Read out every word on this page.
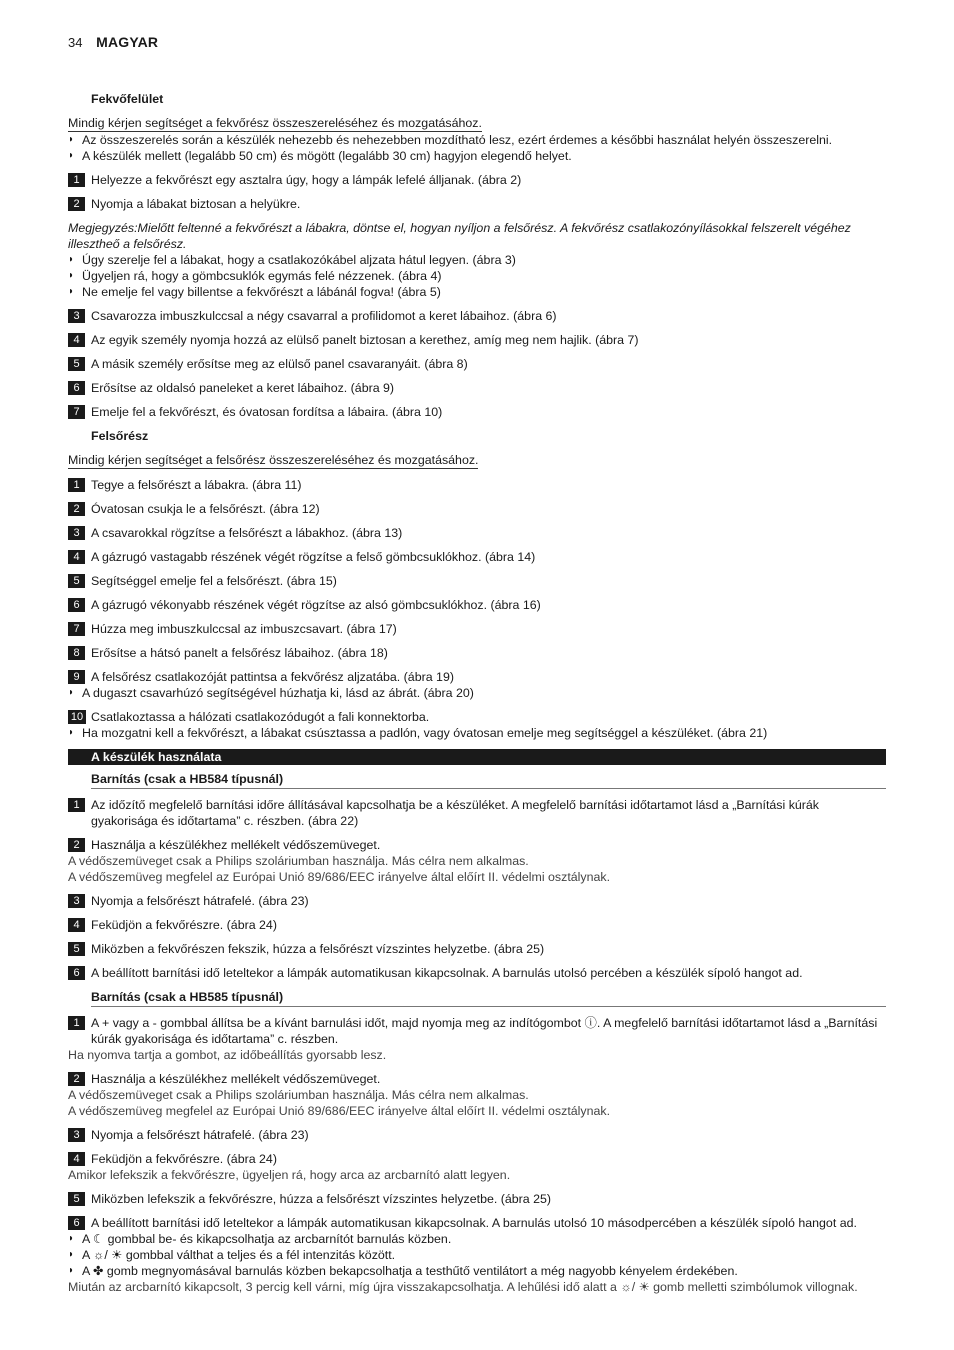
34 MAGYAR
Fekvőfelület
Mindig kérjen segítséget a fekvőrész összeszereléséhez és mozgatásához.
◗ Az összeszerelés során a készülék nehezebb és nehezebben mozdítható lesz, ezért érdemes a későbbi használat helyén összeszerelni.
◗ A készülék mellett (legalább 50 cm) és mögött (legalább 30 cm) hagyjon elegendő helyet.
1 Helyezze a fekvőrészt egy asztalra úgy, hogy a lámpák lefelé álljanak. (ábra 2)
2 Nyomja a lábakat biztosan a helyükre.
Megjegyzés:Mielőtt feltenné a fekvőrészt a lábakra, döntse el, hogyan nyíljon a felsőrész. A fekvőrész csatlakozónyílásokkal felszerelt végéhez illesztheő a felsőrész.
◗ Úgy szerelje fel a lábakat, hogy a csatlakozókábel aljzata hátul legyen. (ábra 3)
◗ Ügyeljen rá, hogy a gömbcsuklók egymás felé nézzenek. (ábra 4)
◗ Ne emelje fel vagy billentse a fekvőrészt a lábánál fogva! (ábra 5)
3 Csavarozza imbuszkulccsal a négy csavarral a profilidomot a keret lábaihoz. (ábra 6)
4 Az egyik személy nyomja hozzá az elülső panelt biztosan a kerethez, amíg meg nem hajlik. (ábra 7)
5 A másik személy erősítse meg az elülső panel csavaranyáit. (ábra 8)
6 Erősítse az oldalsó paneleket a keret lábaihoz. (ábra 9)
7 Emelje fel a fekvőrészt, és óvatosan fordítsa a lábaira. (ábra 10)
Felsőrész
Mindig kérjen segítséget a felsőrész összeszereléséhez és mozgatásához.
1 Tegye a felsőrészt a lábakra. (ábra 11)
2 Óvatosan csukja le a felsőrészt. (ábra 12)
3 A csavarokkal rögzítse a felsőrészt a lábakhoz. (ábra 13)
4 A gázrugó vastagabb részének végét rögzítse a felső gömbcsuklókhoz. (ábra 14)
5 Segítséggel emelje fel a felsőrészt. (ábra 15)
6 A gázrugó vékonyabb részének végét rögzítse az alsó gömbcsuklókhoz. (ábra 16)
7 Húzza meg imbuszkulccsal az imbuszcsavart. (ábra 17)
8 Erősítse a hátsó panelt a felsőrész lábaihoz. (ábra 18)
9 A felsőrész csatlakozóját pattintsa a fekvőrész aljzatába. (ábra 19)
◗ A dugaszt csavarhúzó segítségével húzhatja ki, lásd az ábrát. (ábra 20)
10 Csatlakoztassa a hálózati csatlakozódugót a fali konnektorba.
◗ Ha mozgatni kell a fekvőrészt, a lábakat csúsztassa a padlón, vagy óvatosan emelje meg segítséggel a készüléket. (ábra 21)
A készülék használata
Barnítás (csak a HB584 típusnál)
1 Az időzítő megfelelő barnítási időre állításával kapcsolhatja be a készüléket. A megfelelő barnítási időtartamot lásd a „Barnítási kúrák gyakorisága és időtartama” c. részben. (ábra 22)
2 Használja a készülékhez mellékelt védőszemüveget.
A védőszemüveget csak a Philips szoláriumban használja. Más célra nem alkalmas.
A védőszemüveg megfelel az Európai Unió 89/686/EEC irányelve által előírt II. védelmi osztálynak.
3 Nyomja a felsőrészt hátrafelé. (ábra 23)
4 Feküdjön a fekvőrészre. (ábra 24)
5 Miközben a fekvőrészen fekszik, húzza a felsőrészt vízszintes helyzetbe. (ábra 25)
6 A beállított barnítási idő leteltekor a lámpák automatikusan kikapcsolnak. A barnulás utolsó percében a készülék sípoló hangot ad.
Barnítás (csak a HB585 típusnál)
1 A + vagy a - gombbal állítsa be a kívánt barnulási időt, majd nyomja meg az indítógombot ⓘ. A megfelelő barnítási időtartamot lásd a „Barnítási kúrák gyakorisága és időtartama” c. részben.
Ha nyomva tartja a gombot, az időbeállítás gyorsabb lesz.
2 Használja a készülékhez mellékelt védőszemüveget.
A védőszemüveget csak a Philips szoláriumban használja. Más célra nem alkalmas.
A védőszemüveg megfelel az Európai Unió 89/686/EEC irányelve által előírt II. védelmi osztálynak.
3 Nyomja a felsőrészt hátrafelé. (ábra 23)
4 Feküdjön a fekvőrészre. (ábra 24)
Amikor lefekszik a fekvőrészre, ügyeljen rá, hogy arca az arcbarnító alatt legyen.
5 Miközben lefekszik a fekvőrészre, húzza a felsőrészt vízszintes helyzetbe. (ábra 25)
6 A beállított barnítási idő leteltekor a lámpák automatikusan kikapcsolnak. A barnulás utolsó 10 másodpercében a készülék sípoló hangot ad.
◗ A ☾ gombbal be- és kikapcsolhatja az arcbarnítót barnulás közben.
◗ A ☼/ ☀ gombbal válthat a teljes és a fél intenzitás között.
◗ A ✤ gomb megnyomásával barnulás közben bekapcsolhatja a testhűtő ventilátort a még nagyobb kényelem érdekében.
Miután az arcbarnító kikapcsolt, 3 percig kell várni, míg újra visszakapcsolhatja. A lehűlési idő alatt a ☼/ ☀ gomb melletti szimbólumok villognak.
